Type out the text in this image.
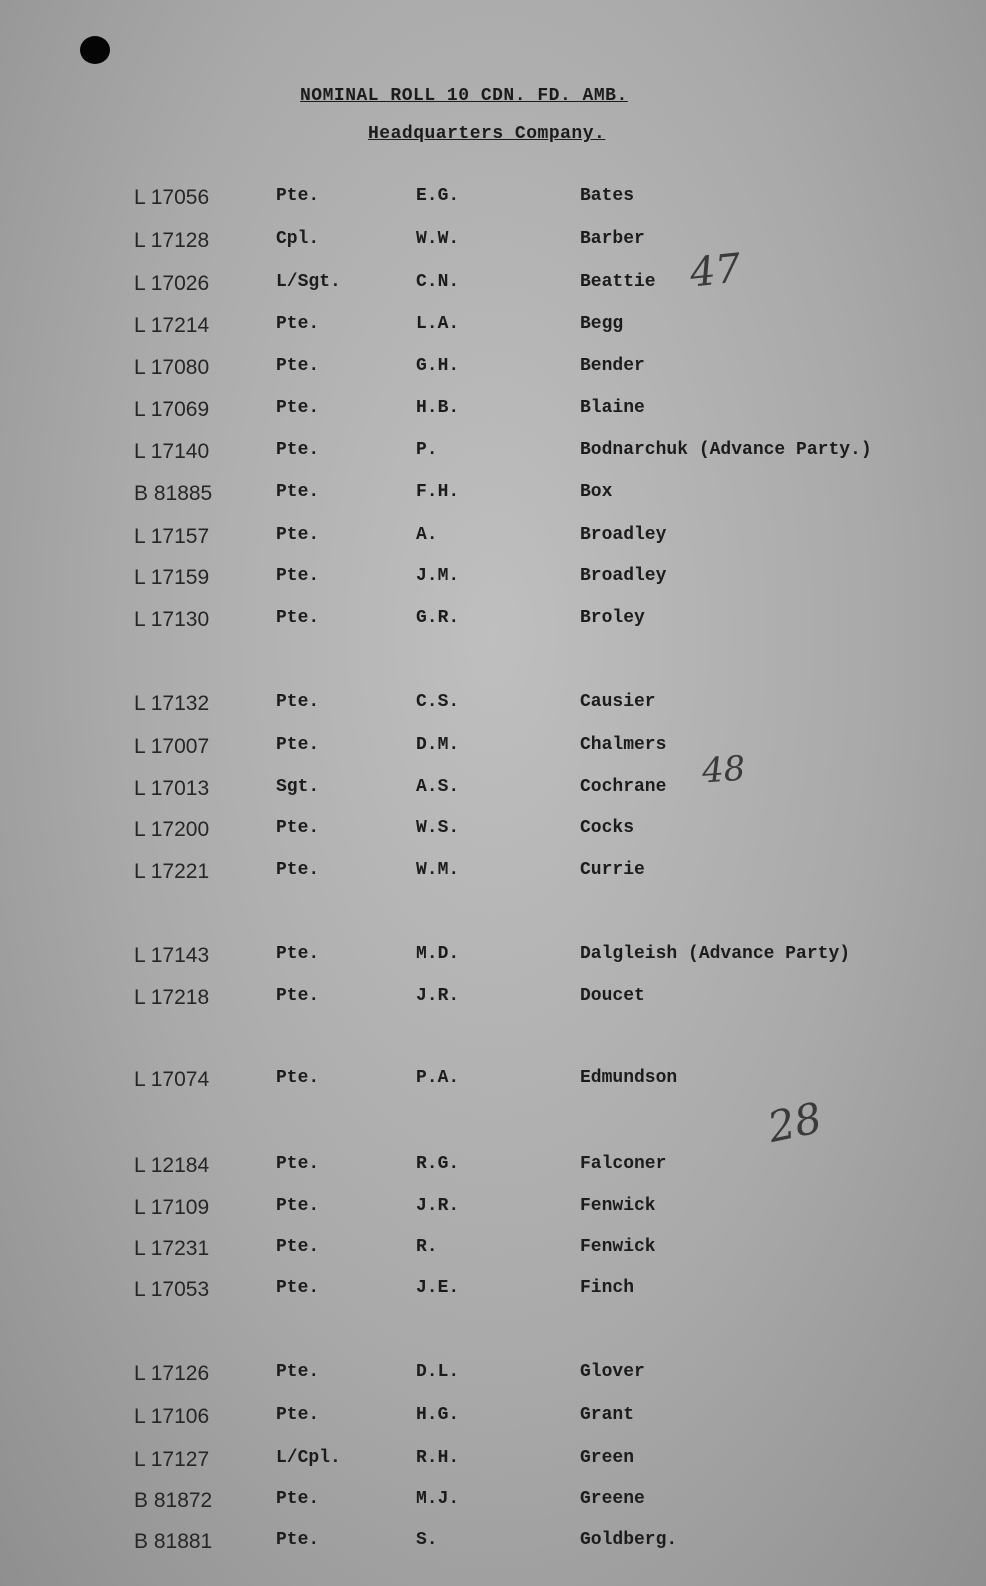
NOMINAL ROLL 10 CDN. FD. AMB.
Headquarters Company.
47
48
28
L 17056	Pte.	E.G.	Bates
L 17128	Cpl.	W.W.	Barber
L 17026	L/Sgt.	C.N.	Beattie
L 17214	Pte.	L.A.	Begg
L 17080	Pte.	G.H.	Bender
L 17069	Pte.	H.B.	Blaine
L 17140	Pte.	P.	Bodnarchuk (Advance Party.)
B 81885	Pte.	F.H.	Box
L 17157	Pte.	A.	Broadley
L 17159	Pte.	J.M.	Broadley
L 17130	Pte.	G.R.	Broley
L 17132	Pte.	C.S.	Causier
L 17007	Pte.	D.M.	Chalmers
L 17013	Sgt.	A.S.	Cochrane
L 17200	Pte.	W.S.	Cocks
L 17221	Pte.	W.M.	Currie
L 17143	Pte.	M.D.	Dalgleish (Advance Party)
L 17218	Pte.	J.R.	Doucet
L 17074	Pte.	P.A.	Edmundson
L 12184	Pte.	R.G.	Falconer
L 17109	Pte.	J.R.	Fenwick
L 17231	Pte.	R.	Fenwick
L 17053	Pte.	J.E.	Finch
L 17126	Pte.	D.L.	Glover
L 17106	Pte.	H.G.	Grant
L 17127	L/Cpl.	R.H.	Green
B 81872	Pte.	M.J.	Greene
B 81881	Pte.	S.	Goldberg.
